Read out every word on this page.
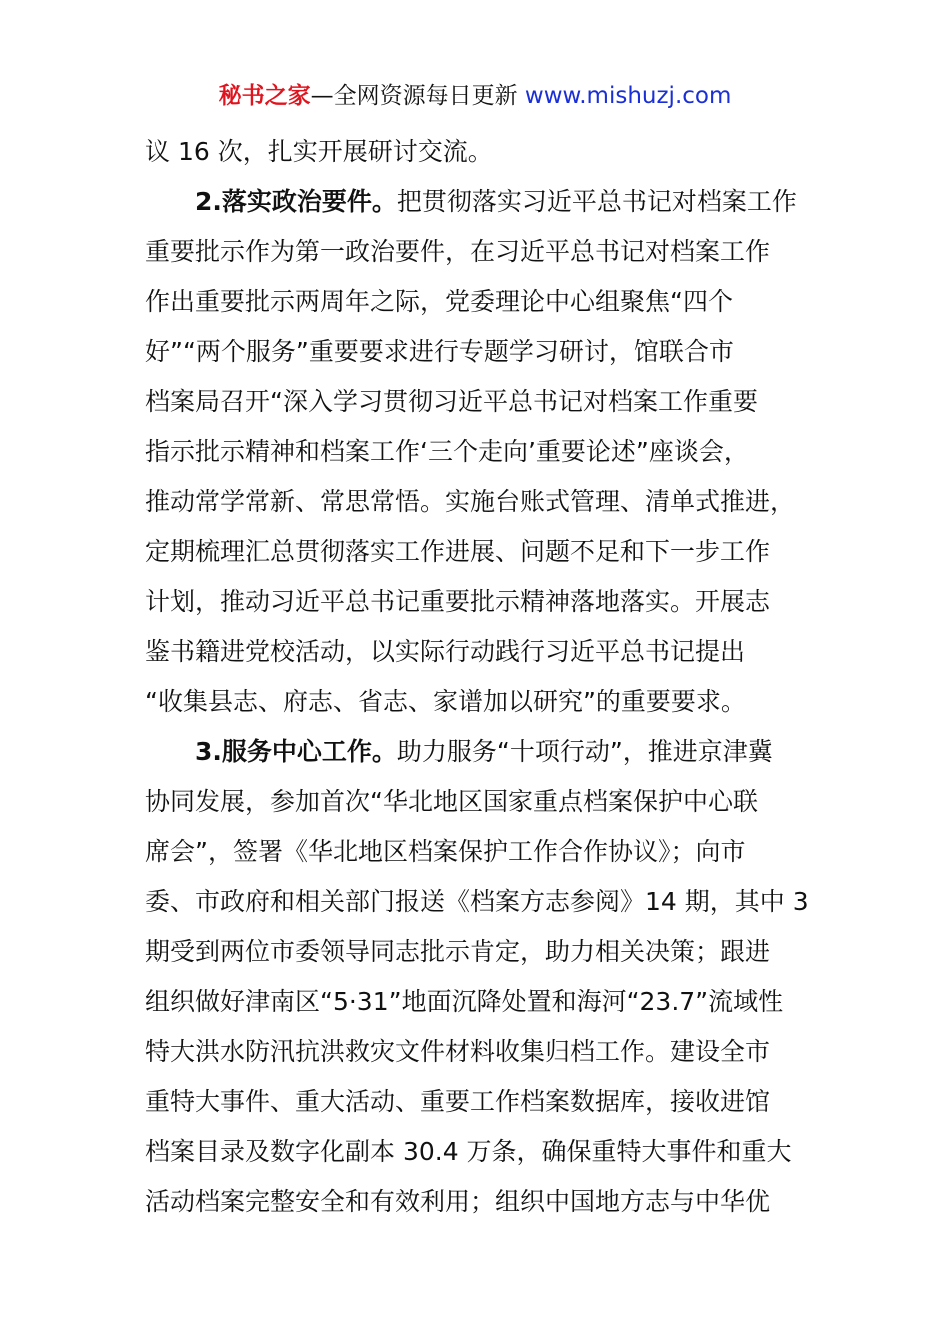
秘书之家—全网资源每日更新 www.mishuzj.com
议 16 次，扎实开展研讨交流。
2.落实政治要件。把贯彻落实习近平总书记对档案工作
重要批示作为第一政治要件，在习近平总书记对档案工作
作出重要批示两周年之际，党委理论中心组聚焦“四个
好”“两个服务”重要要求进行专题学习研讨，馆联合市
档案局召开“深入学习贯彻习近平总书记对档案工作重要
指示批示精神和档案工作‘三个走向’重要论述”座谈会，
推动常学常新、常思常悟。实施台账式管理、清单式推进，
定期梳理汇总贯彻落实工作进展、问题不足和下一步工作
计划，推动习近平总书记重要批示精神落地落实。开展志
鉴书籍进党校活动，以实际行动践行习近平总书记提出
“收集县志、府志、省志、家谱加以研究”的重要要求。
3.服务中心工作。助力服务“十项行动”，推进京津冀
协同发展，参加首次“华北地区国家重点档案保护中心联
席会”，签署《华北地区档案保护工作合作协议》；向市
委、市政府和相关部门报送《档案方志参阅》14 期，其中 3
期受到两位市委领导同志批示肯定，助力相关决策；跟进
组织做好津南区“5·31”地面沉降处置和海河“23.7”流域性
特大洪水防汛抗洪救灾文件材料收集归档工作。建设全市
重特大事件、重大活动、重要工作档案数据库，接收进馆
档案目录及数字化副本 30.4 万条，确保重特大事件和重大
活动档案完整安全和有效利用；组织中国地方志与中华优
